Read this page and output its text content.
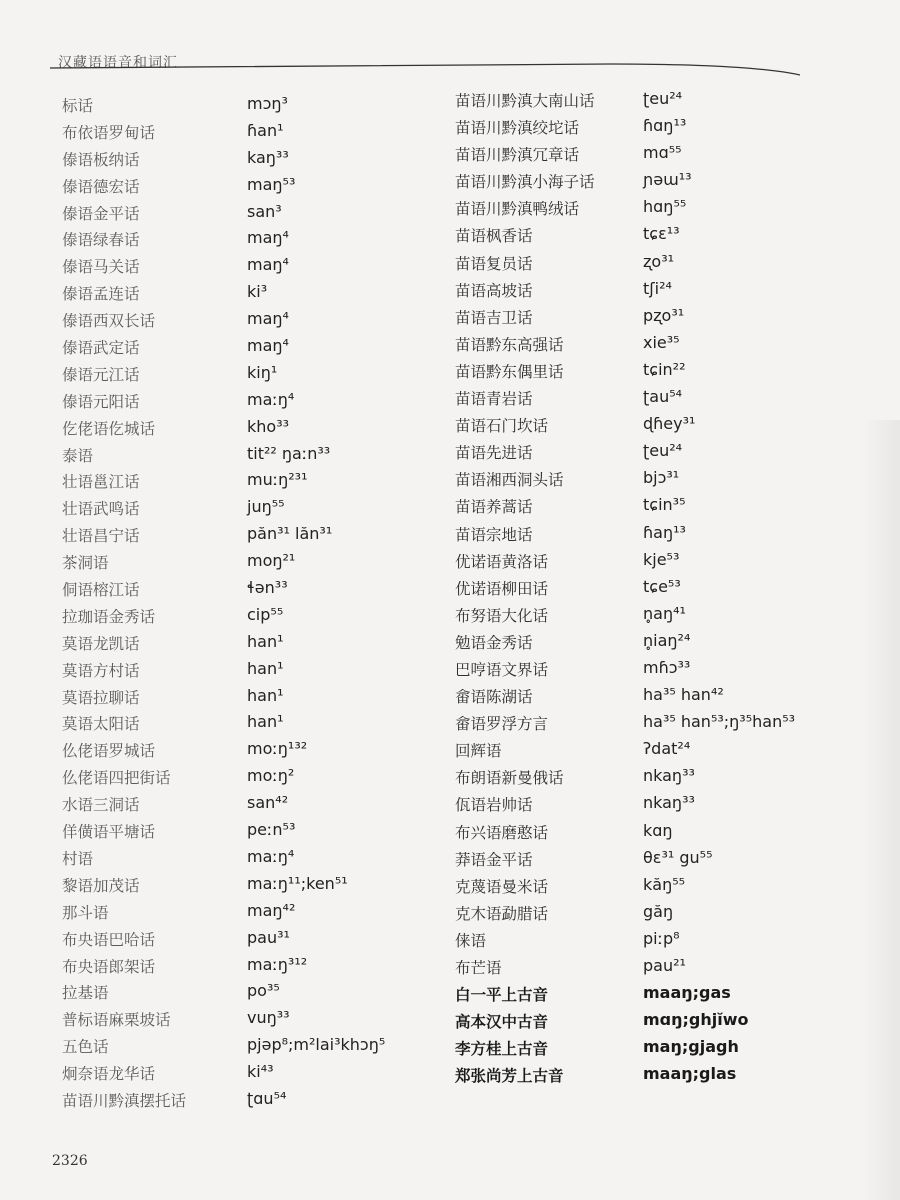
汉藏语语音和词汇
标话	mɔŋ³
布依语罗甸话	ɦan¹
傣语板纳话	kaŋ³³
傣语德宏话	maŋ⁵³
傣语金平话	san³
傣语绿春话	maŋ⁴
傣语马关话	maŋ⁴
傣语孟连话	ki³
傣语西双长话	maŋ⁴
傣语武定话	maŋ⁴
傣语元江话	kiŋ¹
傣语元阳话	maːŋ⁴
仡佬语仡城话	kho³³
泰语	tit²² ŋaːn³³
壮语邕江话	muːŋ²³¹
壮语武鸣话	juŋ⁵⁵
壮语昌宁话	păn³¹ lăn³¹
茶洞语	moŋ²¹
侗语榕江话	ɬən³³
拉珈语金秀话	cip⁵⁵
莫语龙凯话	han¹
莫语方村话	han¹
莫语拉聊话	han¹
莫语太阳话	han¹
仫佬语罗城话	moːŋ¹³²
仫佬语四把街话	moːŋ²
水语三洞话	san⁴²
佯僙语平塘话	peːn⁵³
村语	maːŋ⁴
黎语加茂话	maːŋ¹¹;ken⁵¹
那斗语	maŋ⁴²
布央语巴哈话	pau³¹
布央语郎架话	maːŋ³¹²
拉基语	po³⁵
普标语麻栗坡话	vuŋ³³
五色话	pjəp⁸;m²lai³khɔŋ⁵
炯奈语龙华话	ki⁴³
苗语川黔滇摆托话	ʈɑu⁵⁴
苗语川黔滇大南山话	ʈeu²⁴
苗语川黔滇绞坨话	ɦɑŋ¹³
苗语川黔滇冗章话	mɑ⁵⁵
苗语川黔滇小海子话	ɲəɯ¹³
苗语川黔滇鸭绒话	hɑŋ⁵⁵
苗语枫香话	tɕɛ¹³
苗语复员话	ʐo³¹
苗语高坡话	tʃi²⁴
苗语吉卫话	pʐo³¹
苗语黔东高强话	xie³⁵
苗语黔东偶里话	tɕin²²
苗语青岩话	ʈau⁵⁴
苗语石门坎话	ɖɦey³¹
苗语先进话	ʈeu²⁴
苗语湘西洞头话	bjɔ³¹
苗语养蒿话	tɕin³⁵
苗语宗地话	ɦaŋ¹³
优诺语黄洛话	kje⁵³
优诺语柳田话	tɕe⁵³
布努语大化话	n̥aŋ⁴¹
勉语金秀话	n̥iaŋ²⁴
巴哼语文界话	mɦɔ³³
畲语陈湖话	ha³⁵ han⁴²
畲语罗浮方言	ha³⁵ han⁵³;ŋ³⁵han⁵³
回辉语	ʔdat²⁴
布朗语新曼俄话	nkaŋ³³
佤语岩帅话	nkaŋ³³
布兴语磨憨话	kɑŋ
莽语金平话	θɛ³¹ gu⁵⁵
克蔑语曼米话	kăŋ⁵⁵
克木语勐腊话	găŋ
俫语	piːp⁸
布芒语	pau²¹
白一平上古音	maaŋ;gas
高本汉中古音	mɑŋ;ghjĭwo
李方桂上古音	maŋ;gjagh
郑张尚芳上古音	maaŋ;glas
2326
